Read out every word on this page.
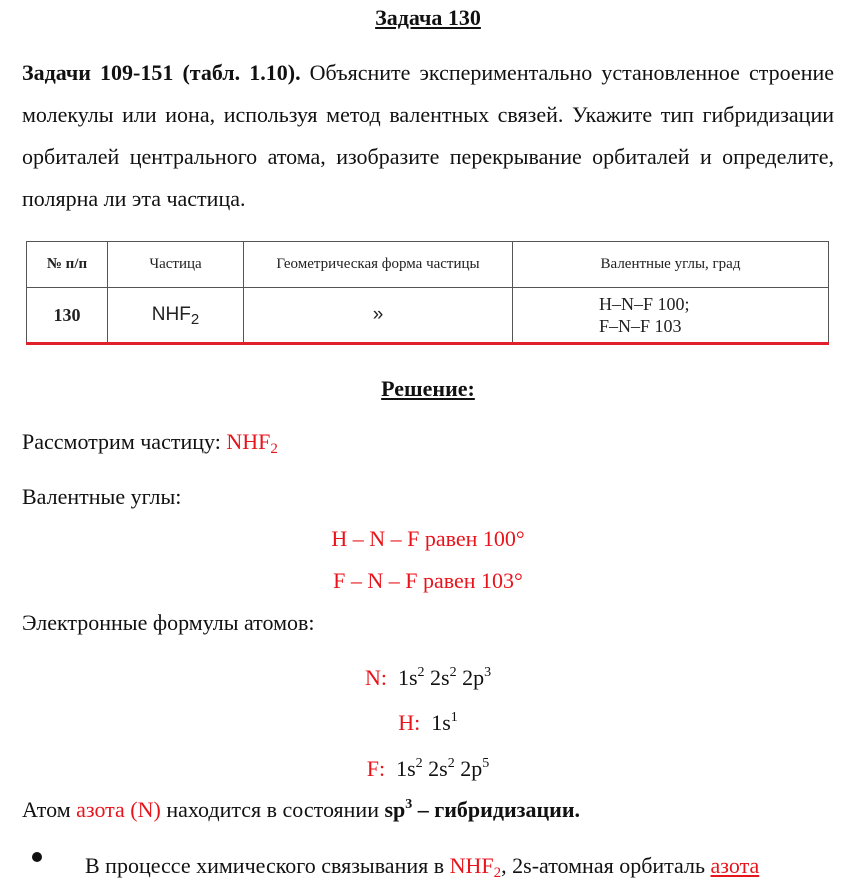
Задача 130
Задачи 109-151 (табл. 1.10). Объясните экспериментально установленное строение молекулы или иона, используя метод валентных связей. Укажите тип гибридизации орбиталей центрального атома, изобразите перекрывание орбиталей и определите, полярна ли эта частица.
№ п/п	Частица	Геометрическая форма частицы	Валентные углы, град
130	$NHF_2$	»	H–N–F 100;
F–N–F 103
Решение:
Рассмотрим частицу: $NHF_2$
Валентные углы:
H – N – F равен 100°
F – N – F равен 103°
Электронные формулы атомов:
N: $1s^2$ $2s^2$ $2p^3$
H: $1s^1$
F: $1s^2$ $2s^2$ $2p^5$
Атом азота (N) находится в состоянии $sp^3$ – гибридизации.
В процессе химического связывания в $NHF_2$, 2s-атомная орбиталь азота
